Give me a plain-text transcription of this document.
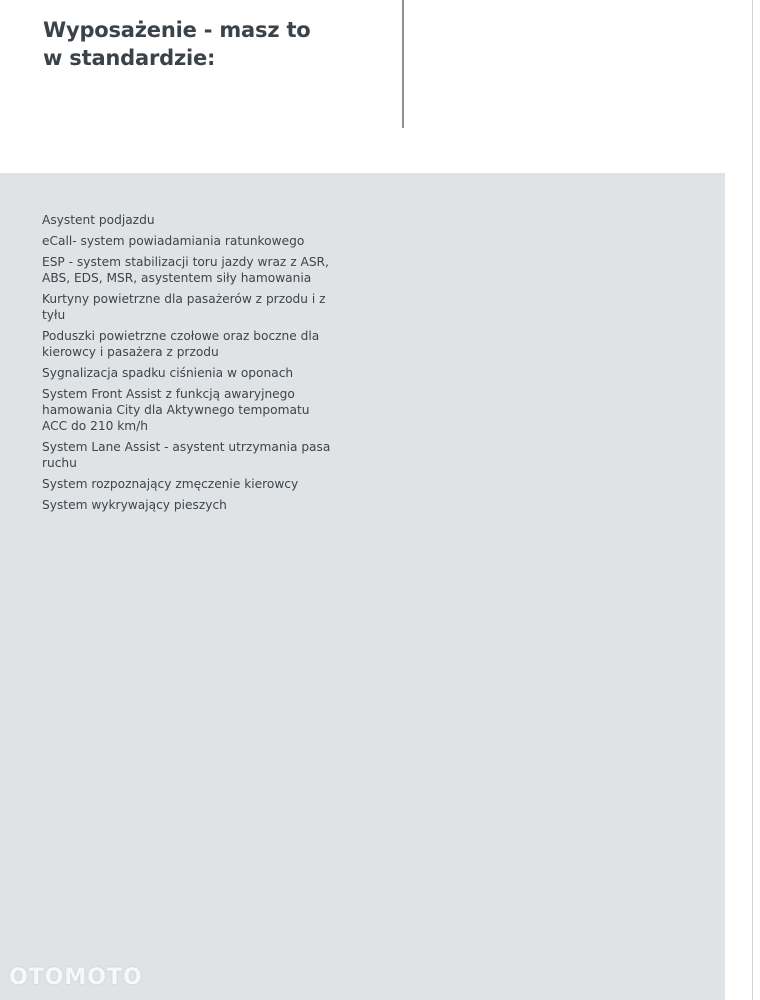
Wyposażenie - masz to
w standardzie:
Asystent podjazdu
eCall- system powiadamiania ratunkowego
ESP - system stabilizacji toru jazdy wraz z ASR, ABS, EDS, MSR, asystentem siły hamowania
Kurtyny powietrzne dla pasażerów z przodu i z tyłu
Poduszki powietrzne czołowe oraz boczne dla kierowcy i pasażera z przodu
Sygnalizacja spadku ciśnienia w oponach
System Front Assist z funkcją awaryjnego hamowania City dla Aktywnego tempomatu ACC do 210 km/h
System Lane Assist - asystent utrzymania pasa ruchu
System rozpoznający zmęczenie kierowcy
System wykrywający pieszych
OTOMOTO
